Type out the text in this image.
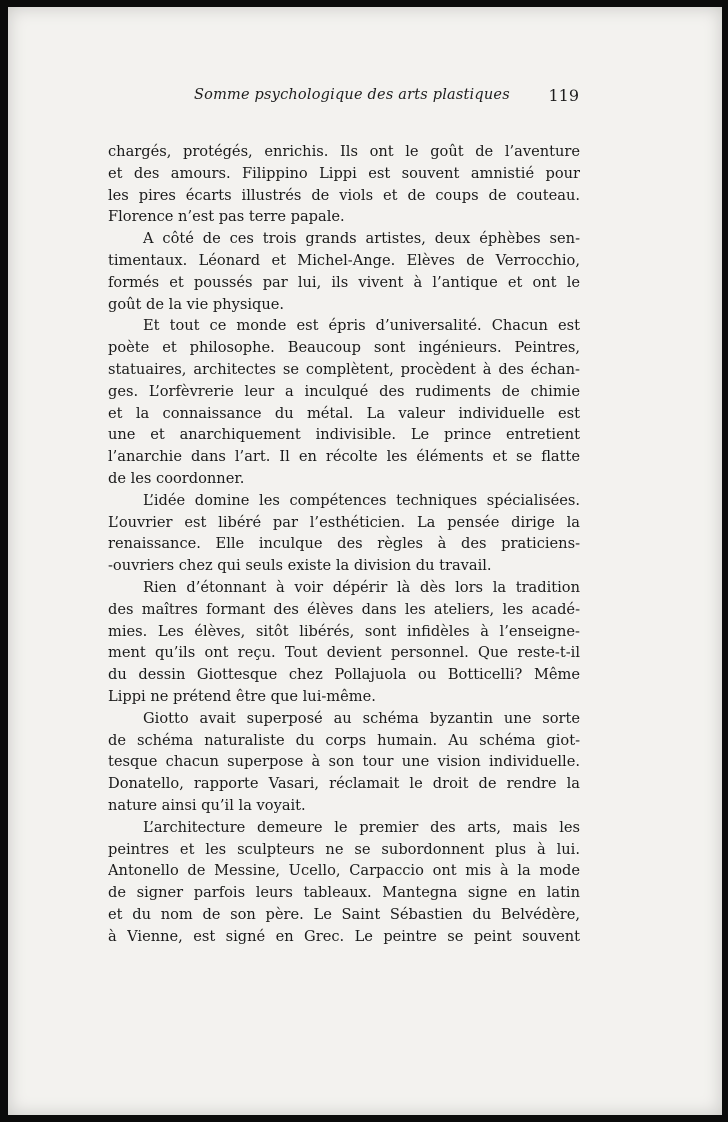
Somme psychologique des arts plastiques 119
chargés, protégés, enrichis. Ils ont le goût de l’aventure
et des amours. Filippino Lippi est souvent amnistié pour
les pires écarts illustrés de viols et de coups de couteau.
Florence n’est pas terre papale.
A côté de ces trois grands artistes, deux éphèbes sen-
timentaux. Léonard et Michel-Ange. Elèves de Verrocchio,
formés et poussés par lui, ils vivent à l’antique et ont le
goût de la vie physique.
Et tout ce monde est épris d’universalité. Chacun est
poète et philosophe. Beaucoup sont ingénieurs. Peintres,
statuaires, architectes se complètent, procèdent à des échan-
ges. L’orfèvrerie leur a inculqué des rudiments de chimie
et la connaissance du métal. La valeur individuelle est
une et anarchiquement indivisible. Le prince entretient
l’anarchie dans l’art. Il en récolte les éléments et se flatte
de les coordonner.
L’idée domine les compétences techniques spécialisées.
L’ouvrier est libéré par l’esthéticien. La pensée dirige la
renaissance. Elle inculque des règles à des praticiens-
-ouvriers chez qui seuls existe la division du travail.
Rien d’étonnant à voir dépérir là dès lors la tradition
des maîtres formant des élèves dans les ateliers, les acadé-
mies. Les élèves, sitôt libérés, sont infidèles à l’enseigne-
ment qu’ils ont reçu. Tout devient personnel. Que reste-t-il
du dessin Giottesque chez Pollajuola ou Botticelli? Même
Lippi ne prétend être que lui-même.
Giotto avait superposé au schéma byzantin une sorte
de schéma naturaliste du corps humain. Au schéma giot-
tesque chacun superpose à son tour une vision individuelle.
Donatello, rapporte Vasari, réclamait le droit de rendre la
nature ainsi qu’il la voyait.
L’architecture demeure le premier des arts, mais les
peintres et les sculpteurs ne se subordonnent plus à lui.
Antonello de Messine, Ucello, Carpaccio ont mis à la mode
de signer parfois leurs tableaux. Mantegna signe en latin
et du nom de son père. Le Saint Sébastien du Belvédère,
à Vienne, est signé en Grec. Le peintre se peint souvent
